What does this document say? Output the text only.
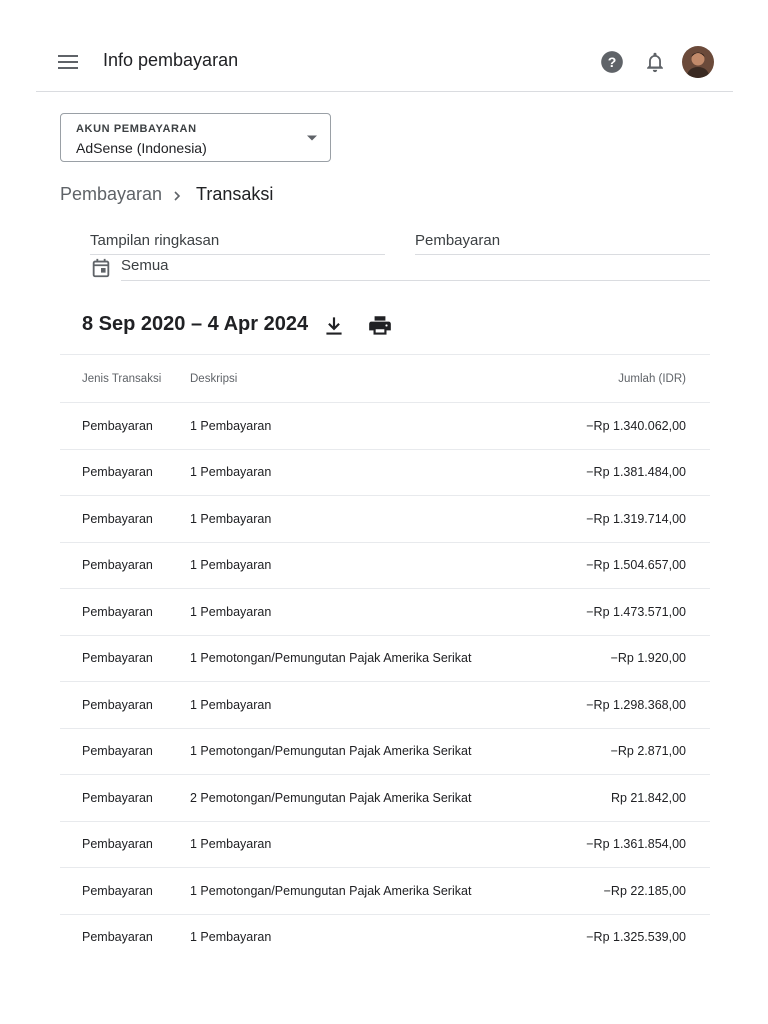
Info pembayaran	?
AKUN PEMBAYARAN
AdSense (Indonesia)
Pembayaran Transaksi
Tampilan ringkasan	Pembayaran
Semua
8 Sep 2020 – 4 Apr 2024
Jenis Transaksi	Deskripsi	Jumlah (IDR)
Pembayaran	1 Pembayaran	−Rp 1.340.062,00
Pembayaran	1 Pembayaran	−Rp 1.381.484,00
Pembayaran	1 Pembayaran	−Rp 1.319.714,00
Pembayaran	1 Pembayaran	−Rp 1.504.657,00
Pembayaran	1 Pembayaran	−Rp 1.473.571,00
Pembayaran	1 Pemotongan/Pemungutan Pajak Amerika Serikat	−Rp 1.920,00
Pembayaran	1 Pembayaran	−Rp 1.298.368,00
Pembayaran	1 Pemotongan/Pemungutan Pajak Amerika Serikat	−Rp 2.871,00
Pembayaran	2 Pemotongan/Pemungutan Pajak Amerika Serikat	Rp 21.842,00
Pembayaran	1 Pembayaran	−Rp 1.361.854,00
Pembayaran	1 Pemotongan/Pemungutan Pajak Amerika Serikat	−Rp 22.185,00
Pembayaran	1 Pembayaran	−Rp 1.325.539,00
